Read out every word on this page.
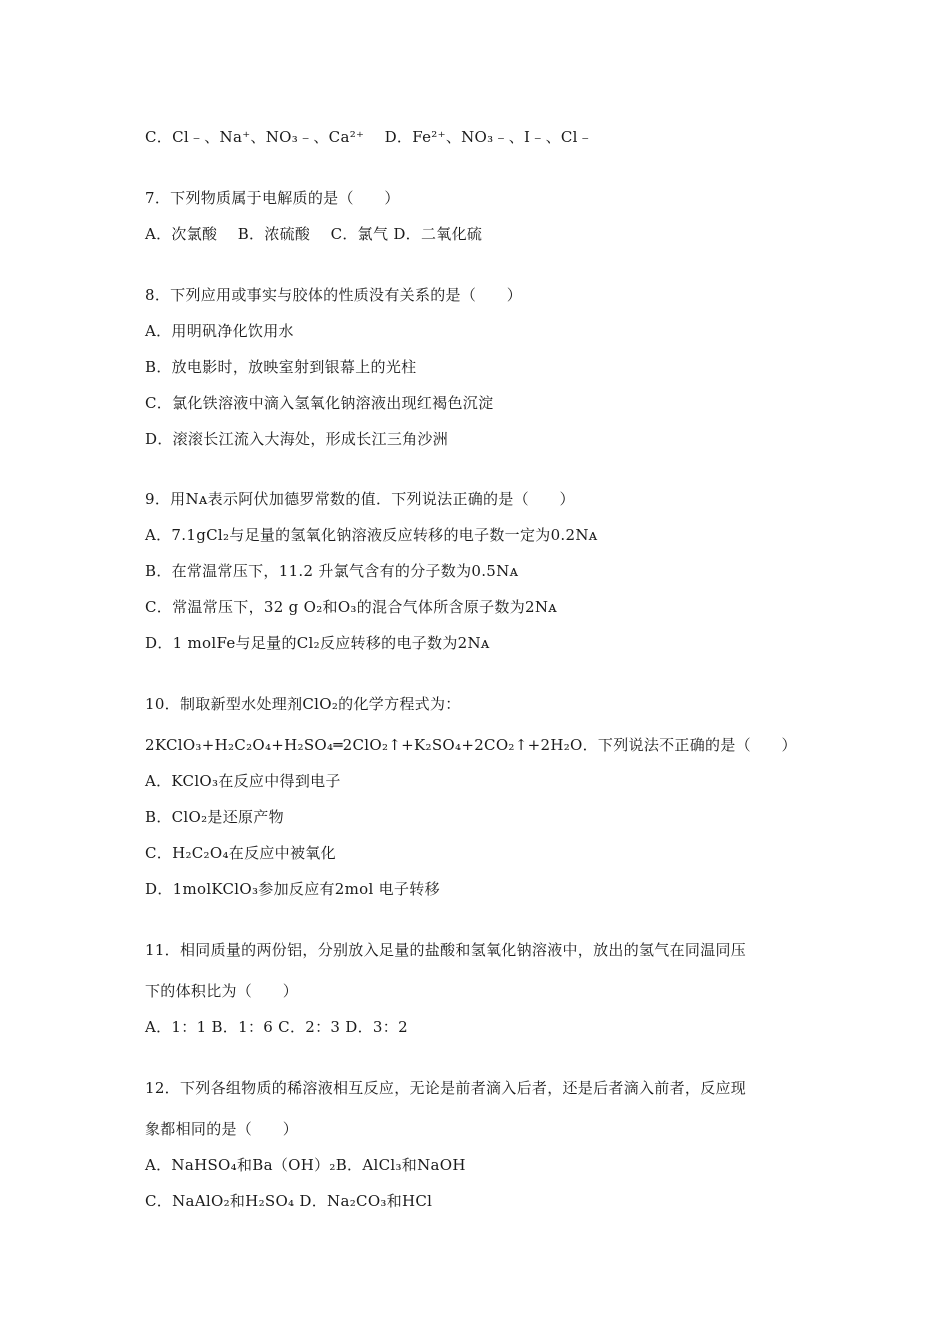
C．Cl﹣、Na⁺、NO₃﹣、Ca²⁺　 D．Fe²⁺、NO₃﹣、I﹣、Cl﹣
7．下列物质属于电解质的是（　　）
A．次氯酸　 B．浓硫酸　 C．氯气 D．二氧化硫
8．下列应用或事实与胶体的性质没有关系的是（　　）
A．用明矾净化饮用水
B．放电影时，放映室射到银幕上的光柱
C．氯化铁溶液中滴入氢氧化钠溶液出现红褐色沉淀
D．滚滚长江流入大海处，形成长江三角沙洲
9．用Nᴀ表示阿伏加德罗常数的值．下列说法正确的是（　　）
A．7.1gCl₂与足量的氢氧化钠溶液反应转移的电子数一定为0.2Nᴀ
B．在常温常压下，11.2 升氯气含有的分子数为0.5Nᴀ
C．常温常压下，32 g O₂和O₃的混合气体所含原子数为2Nᴀ
D．1 molFe与足量的Cl₂反应转移的电子数为2Nᴀ
10．制取新型水处理剂ClO₂的化学方程式为：
2KClO₃+H₂C₂O₄+H₂SO₄═2ClO₂↑+K₂SO₄+2CO₂↑+2H₂O．下列说法不正确的是（　　）
A．KClO₃在反应中得到电子
B．ClO₂是还原产物
C．H₂C₂O₄在反应中被氧化
D．1molKClO₃参加反应有2mol 电子转移
11．相同质量的两份铝，分别放入足量的盐酸和氢氧化钠溶液中，放出的氢气在同温同压
下的体积比为（　　）
A．1：1 B．1：6 C．2：3 D．3：2
12．下列各组物质的稀溶液相互反应，无论是前者滴入后者，还是后者滴入前者，反应现
象都相同的是（　　）
A．NaHSO₄和Ba（OH）₂B．AlCl₃和NaOH
C．NaAlO₂和H₂SO₄ D．Na₂CO₃和HCl
